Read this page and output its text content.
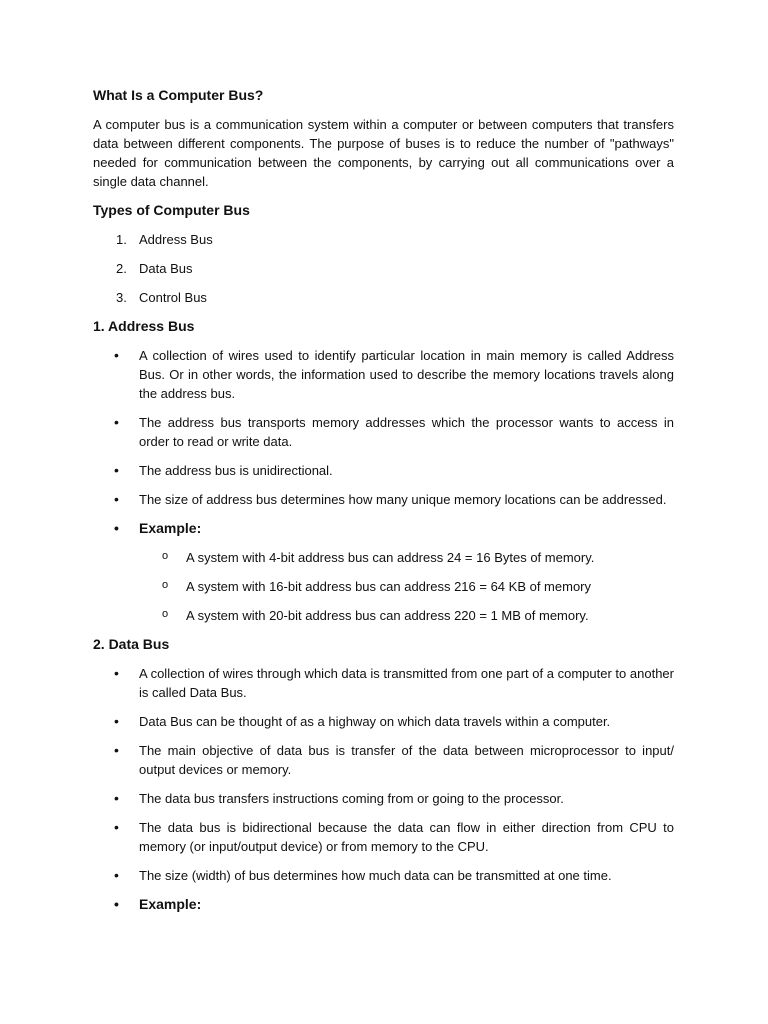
What Is a Computer Bus?
A computer bus is a communication system within a computer or between computers that transfers data between different components. The purpose of buses is to reduce the number of "pathways" needed for communication between the components, by carrying out all communications over a single data channel.
Types of Computer Bus
1. Address Bus
2. Data Bus
3. Control Bus
1. Address Bus
• A collection of wires used to identify particular location in main memory is called Address Bus. Or in other words, the information used to describe the memory locations travels along the address bus.
• The address bus transports memory addresses which the processor wants to access in order to read or write data.
• The address bus is unidirectional.
• The size of address bus determines how many unique memory locations can be addressed.
• Example:
o A system with 4-bit address bus can address 24 = 16 Bytes of memory.
o A system with 16-bit address bus can address 216 = 64 KB of memory
o A system with 20-bit address bus can address 220 = 1 MB of memory.
2. Data Bus
• A collection of wires through which data is transmitted from one part of a computer to another is called Data Bus.
• Data Bus can be thought of as a highway on which data travels within a computer.
• The main objective of data bus is transfer of the data between microprocessor to input/ output devices or memory.
• The data bus transfers instructions coming from or going to the processor.
• The data bus is bidirectional because the data can flow in either direction from CPU to memory (or input/output device) or from memory to the CPU.
• The size (width) of bus determines how much data can be transmitted at one time.
• Example:
